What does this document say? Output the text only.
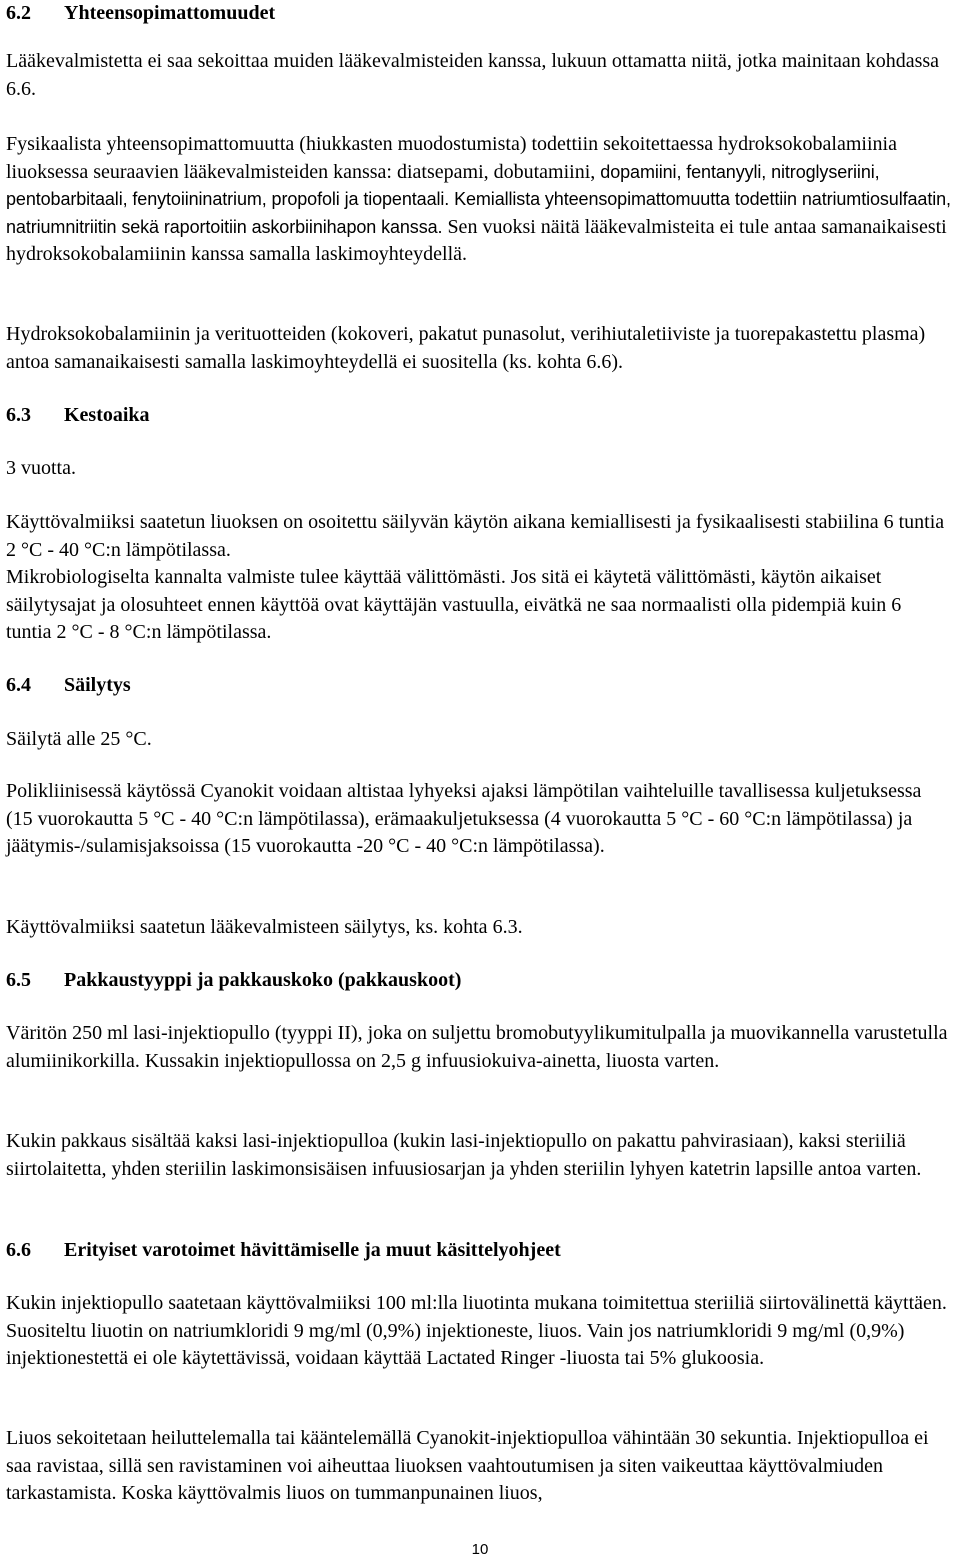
6.2	Yhteensopimattomuudet

Lääkevalmistetta ei saa sekoittaa muiden lääkevalmisteiden kanssa, lukuun ottamatta niitä, jotka mainitaan kohdassa 6.6.

Fysikaalista yhteensopimattomuutta (hiukkasten muodostumista) todettiin sekoitettaessa hydroksokobalamiinia liuoksessa seuraavien lääkevalmisteiden kanssa: diatsepami, dobutamiini, dopamiini, fentanyyli, nitroglyseriini, pentobarbitaali, fenytoiininatrium, propofoli ja tiopentaali. Kemiallista yhteensopimattomuutta todettiin natriumtiosulfaatin, natriumnitriitin sekä raportoitiin askorbiinihapon kanssa. Sen vuoksi näitä lääkevalmisteita ei tule antaa samanaikaisesti hydroksokobalamiinin kanssa samalla laskimoyhteydellä.

Hydroksokobalamiinin ja verituotteiden (kokoveri, pakatut punasolut, verihiutaletiiviste ja tuorepakastettu plasma) antoa samanaikaisesti samalla laskimoyhteydellä ei suositella (ks. kohta 6.6).

6.3	Kestoaika

3 vuotta.

Käyttövalmiiksi saatetun liuoksen on osoitettu säilyvän käytön aikana kemiallisesti ja fysikaalisesti stabiilina 6 tuntia 2 °C - 40 °C:n lämpötilassa.

Mikrobiologiselta kannalta valmiste tulee käyttää välittömästi. Jos sitä ei käytetä välittömästi, käytön aikaiset säilytysajat ja olosuhteet ennen käyttöä ovat käyttäjän vastuulla, eivätkä ne saa normaalisti olla pidempiä kuin 6 tuntia 2 °C - 8 °C:n lämpötilassa.

6.4	Säilytys

Säilytä alle 25 °C.

Polikliinisessä käytössä Cyanokit voidaan altistaa lyhyeksi ajaksi lämpötilan vaihteluille tavallisessa kuljetuksessa (15 vuorokautta 5 °C - 40 °C:n lämpötilassa), erämaakuljetuksessa (4 vuorokautta 5 °C - 60 °C:n lämpötilassa) ja jäätymis-/sulamisjaksoissa (15 vuorokautta -20 °C - 40 °C:n lämpötilassa).

Käyttövalmiiksi saatetun lääkevalmisteen säilytys, ks. kohta 6.3.

6.5	Pakkaustyyppi ja pakkauskoko (pakkauskoot)

Väritön 250 ml lasi-injektiopullo (tyyppi II), joka on suljettu bromobutyylikumitulpalla ja muovikannella varustetulla alumiinikorkilla. Kussakin injektiopullossa on 2,5 g infuusiokuiva-ainetta, liuosta varten.

Kukin pakkaus sisältää kaksi lasi-injektiopulloa (kukin lasi-injektiopullo on pakattu pahvirasiaan), kaksi steriiliä siirtolaitetta, yhden steriilin laskimonsisäisen infuusiosarjan ja yhden steriilin lyhyen katetrin lapsille antoa varten.

6.6	Erityiset varotoimet hävittämiselle ja muut käsittelyohjeet

Kukin injektiopullo saatetaan käyttövalmiiksi 100 ml:lla liuotinta mukana toimitettua steriiliä siirtovälinettä käyttäen. Suositeltu liuotin on natriumkloridi 9 mg/ml (0,9%) injektioneste, liuos. Vain jos natriumkloridi 9 mg/ml (0,9%) injektionestettä ei ole käytettävissä, voidaan käyttää Lactated Ringer -liuosta tai 5% glukoosia.

Liuos sekoitetaan heiluttelemalla tai kääntelemällä Cyanokit-injektiopulloa vähintään 30 sekuntia. Injektiopulloa ei saa ravistaa, sillä sen ravistaminen voi aiheuttaa liuoksen vaahtoutumisen ja siten vaikeuttaa käyttövalmiuden tarkastamista. Koska käyttövalmis liuos on tummanpunainen liuos,

10
